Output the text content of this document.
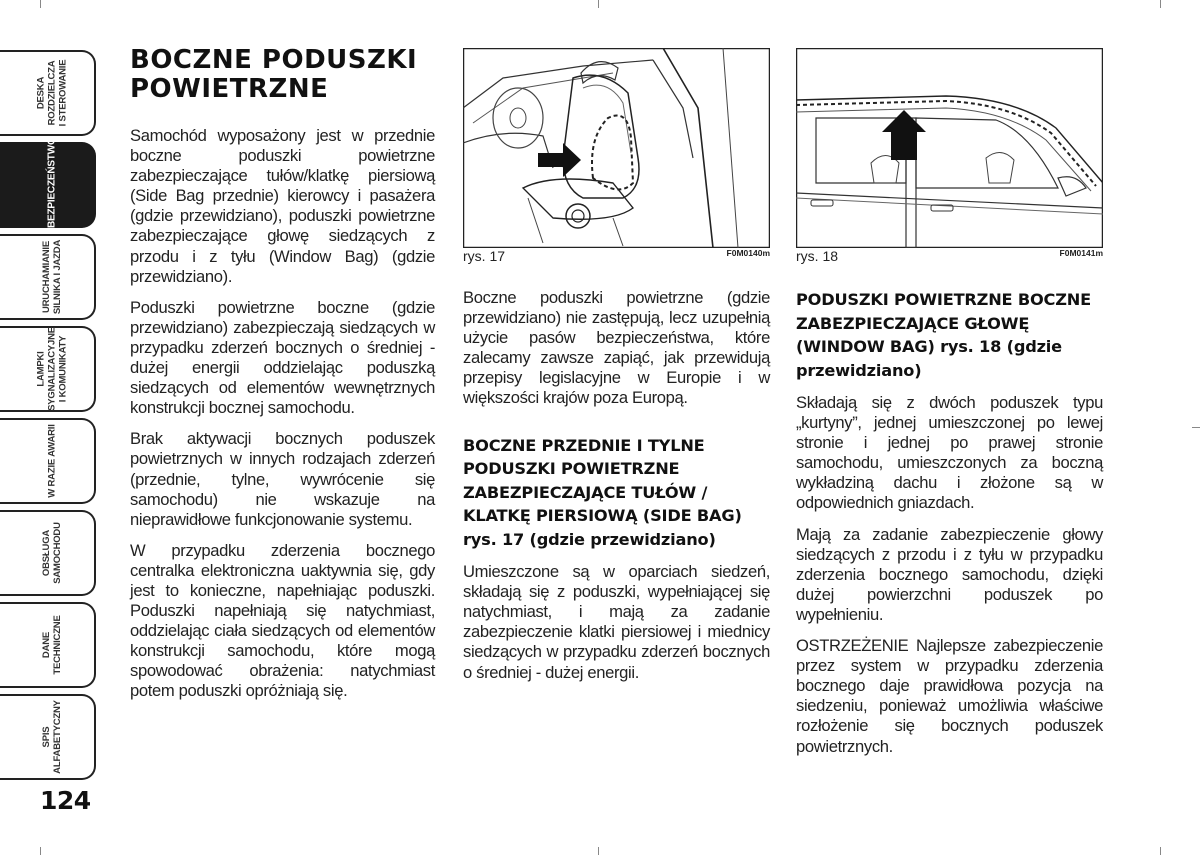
DESKA
ROZDZIELCZA
I STEROWANIE
BEZPIECZEŃSTWO
URUCHAMIANIE
SILNIKA I JAZDA
LAMPKI
SYGNALIZACYJNE
I KOMUNIKATY
W RAZIE AWARII
OBSŁUGA
SAMOCHODU
DANE
TECHNICZNE
SPIS
ALFABETYCZNY
124
BOCZNE PODUSZKI POWIETRZNE

Samochód wyposażony jest w przednie boczne poduszki powietrzne zabezpieczające tułów/klatkę piersiową (Side Bag przednie) kierowcy i pasażera (gdzie przewidziano), poduszki powietrzne zabezpieczające głowę siedzących z przodu i z tyłu (Window Bag) (gdzie przewidziano).

Poduszki powietrzne boczne (gdzie przewidziano) zabezpieczają siedzących w przypadku zderzeń bocznych o średniej - dużej energii oddzielając poduszką siedzących od elementów wewnętrznych konstrukcji bocznej samochodu.

Brak aktywacji bocznych poduszek powietrznych w innych rodzajach zderzeń (przednie, tylne, wywrócenie się samochodu) nie wskazuje na nieprawidłowe funkcjonowanie systemu.

W przypadku zderzenia bocznego centralka elektroniczna uaktywnia się, gdy jest to konieczne, napełniając poduszki. Poduszki napełniają się natychmiast, oddzielając ciała siedzących od elementów konstrukcji samochodu, które mogą spowodować obrażenia: natychmiast potem poduszki opróżniają się.

rys. 17	F0M0140m

Boczne poduszki powietrzne (gdzie przewidziano) nie zastępują, lecz uzupełnią użycie pasów bezpieczeństwa, które zalecamy zawsze zapiąć, jak przewidują przepisy legislacyjne w Europie i w większości krajów poza Europą.

BOCZNE PRZEDNIE I TYLNE PODUSZKI POWIETRZNE ZABEZPIECZAJĄCE TUŁÓW / KLATKĘ PIERSIOWĄ (SIDE BAG) rys. 17 (gdzie przewidziano)

Umieszczone są w oparciach siedzeń, składają się z poduszki, wypełniającej się natychmiast, i mają za zadanie zabezpieczenie klatki piersiowej i miednicy siedzących w przypadku zderzeń bocznych o średniej - dużej energii.

rys. 18	F0M0141m
PODUSZKI POWIETRZNE BOCZNE ZABEZPIECZAJĄCE GŁOWĘ (WINDOW BAG) rys. 18 (gdzie przewidziano)

Składają się z dwóch poduszek typu „kurtyny”, jednej umieszczonej po lewej stronie i jednej po prawej stronie samochodu, umieszczonych za boczną wykładziną dachu i złożone są w odpowiednich gniazdach.

Mają za zadanie zabezpieczenie głowy siedzących z przodu i z tyłu w przypadku zderzenia bocznego samochodu, dzięki dużej powierzchni poduszek po wypełnieniu.

OSTRZEŻENIE Najlepsze zabezpieczenie przez system w przypadku zderzenia bocznego daje prawidłowa pozycja na siedzeniu, ponieważ umożliwia właściwe rozłożenie się bocznych poduszek powietrznych.
